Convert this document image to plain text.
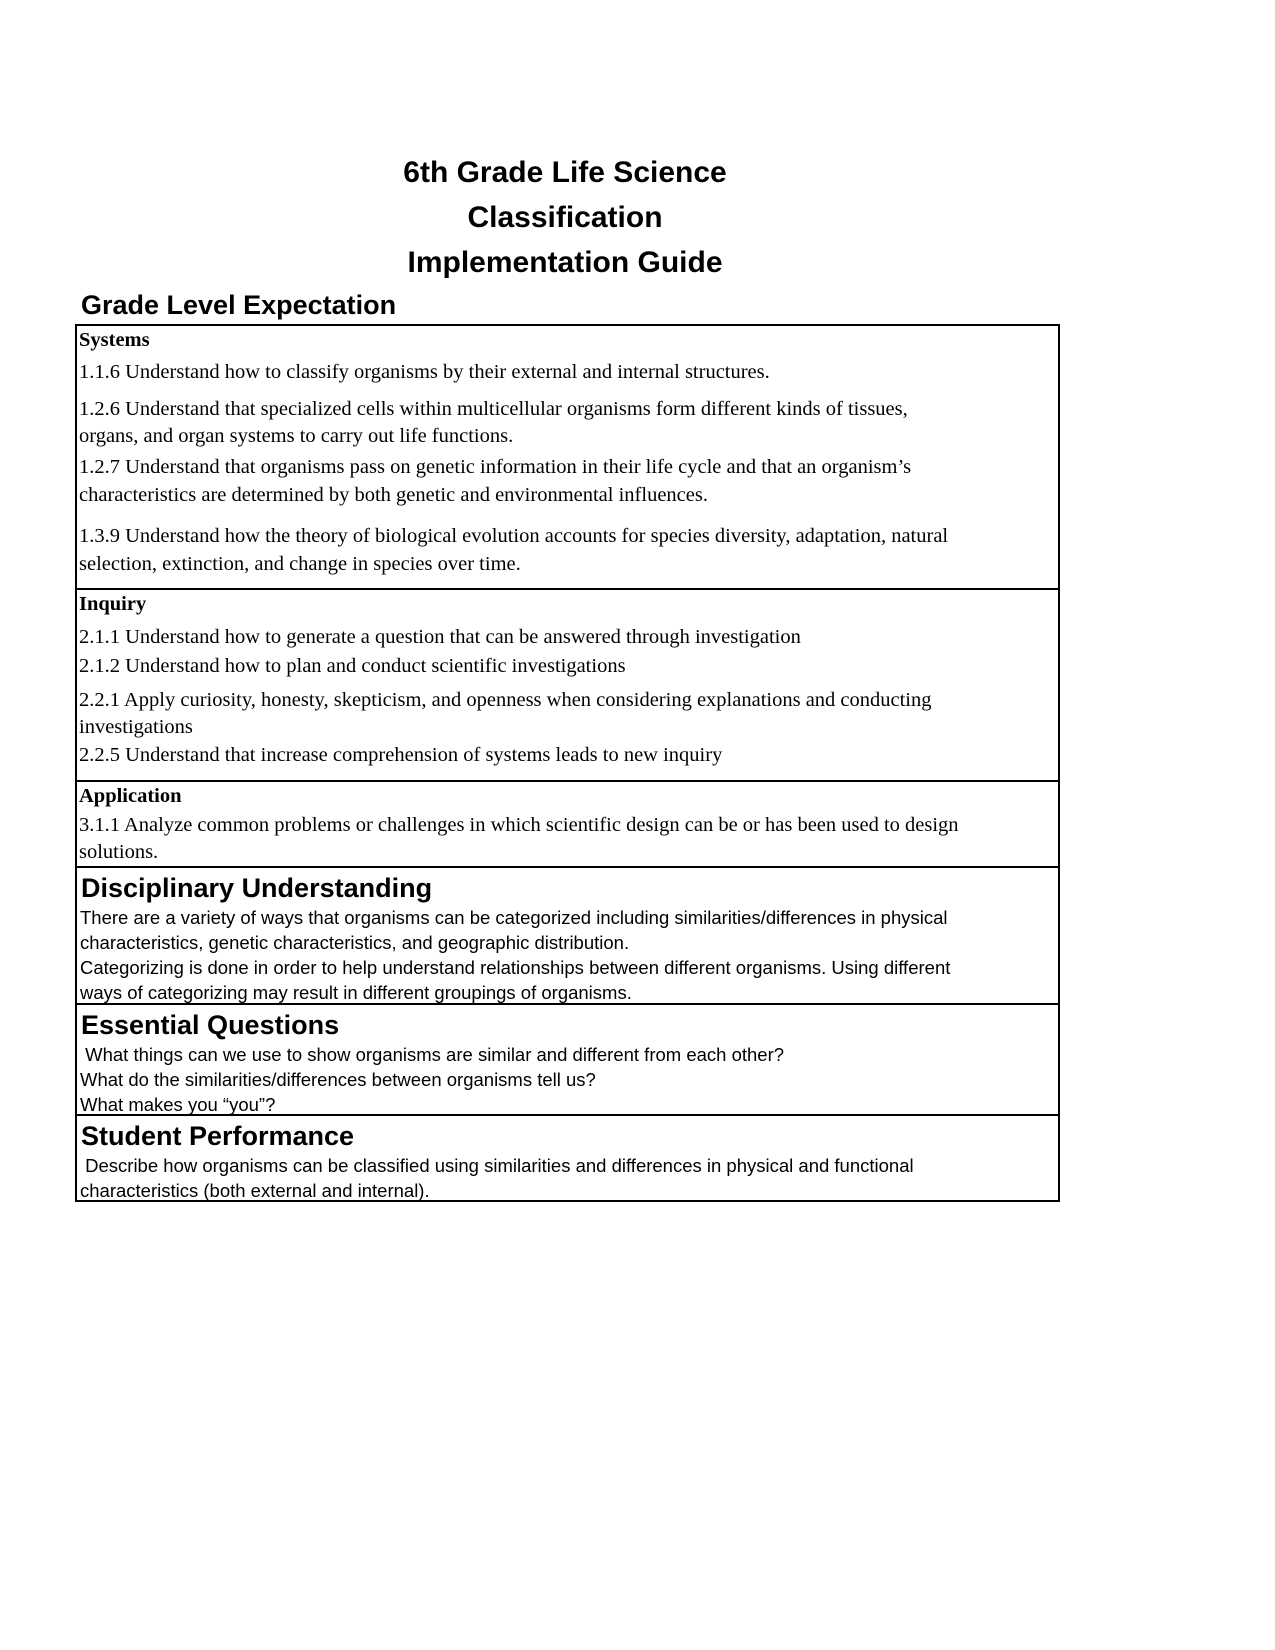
6th Grade Life Science
Classification
Implementation Guide
Grade Level Expectation
Systems
1.1.6 Understand how to classify organisms by their external and internal structures.
1.2.6 Understand that specialized cells within multicellular organisms form different kinds of tissues,
organs, and organ systems to carry out life functions.
1.2.7 Understand that organisms pass on genetic information in their life cycle and that an organism’s
characteristics are determined by both genetic and environmental influences.
1.3.9 Understand how the theory of biological evolution accounts for species diversity, adaptation, natural
selection, extinction, and change in species over time.
Inquiry
2.1.1 Understand how to generate a question that can be answered through investigation
2.1.2 Understand how to plan and conduct scientific investigations
2.2.1 Apply curiosity, honesty, skepticism, and openness when considering explanations and conducting
investigations
2.2.5 Understand that increase comprehension of systems leads to new inquiry
Application
3.1.1 Analyze common problems or challenges in which scientific design can be or has been used to design
solutions.
Disciplinary Understanding
There are a variety of ways that organisms can be categorized including similarities/differences in physical
characteristics, genetic characteristics, and geographic distribution.
Categorizing is done in order to help understand relationships between different organisms. Using different
ways of categorizing may result in different groupings of organisms.
Essential Questions
What things can we use to show organisms are similar and different from each other?
What do the similarities/differences between organisms tell us?
What makes you “you”?
Student Performance
Describe how organisms can be classified using similarities and differences in physical and functional
characteristics (both external and internal).
